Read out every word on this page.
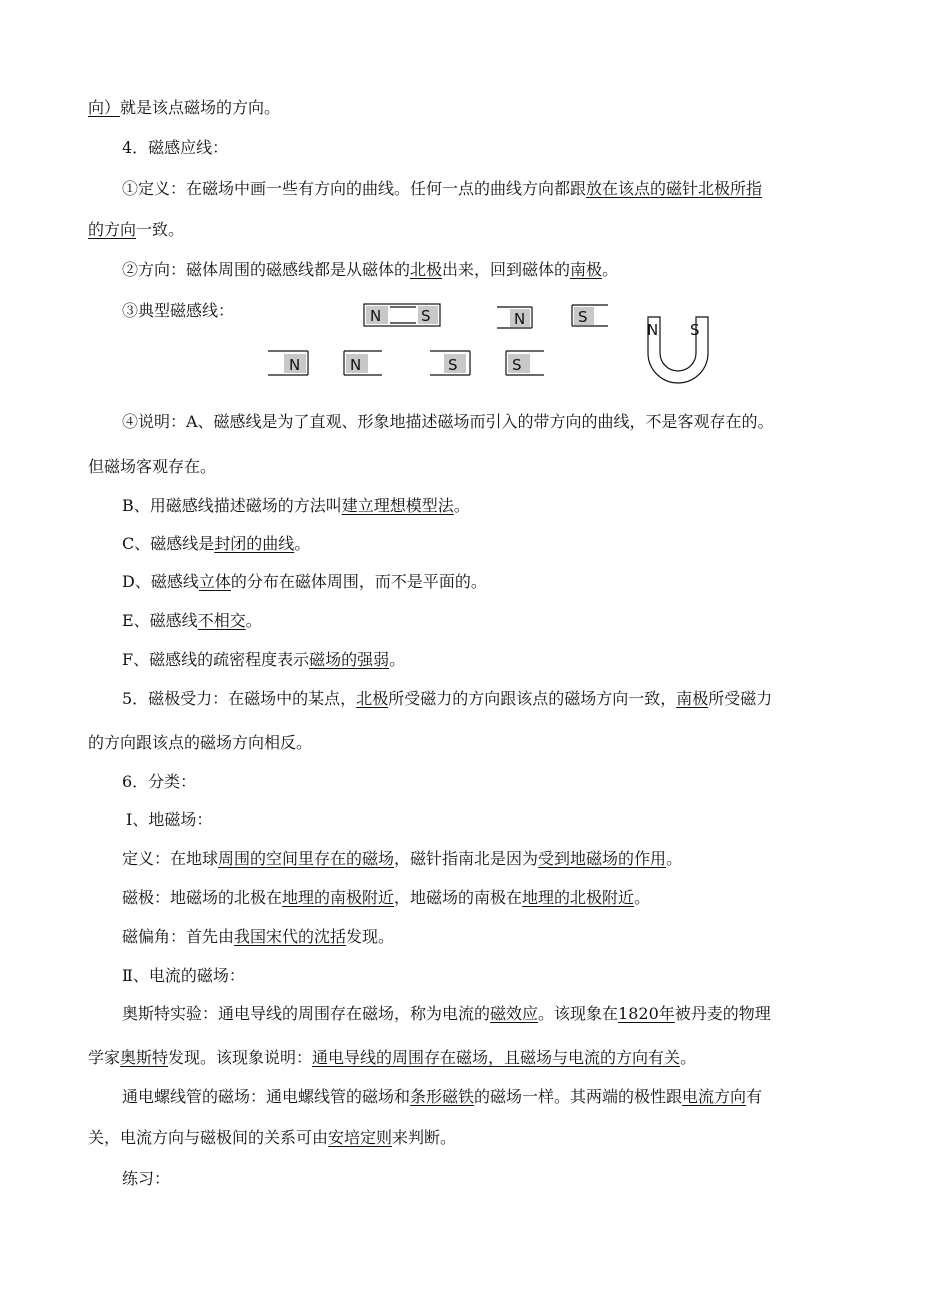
向）就是该点磁场的方向。
4．磁感应线：
①定义：在磁场中画一些有方向的曲线。任何一点的曲线方向都跟放在该点的磁针北极所指
的方向一致。
②方向：磁体周围的磁感线都是从磁体的北极出来，回到磁体的南极。
③典型磁感线：	N	S	N	S
N	N	S	S
N S
④说明：A、磁感线是为了直观、形象地描述磁场而引入的带方向的曲线，不是客观存在的。
但磁场客观存在。
B、用磁感线描述磁场的方法叫建立理想模型法。
C、磁感线是封闭的曲线。
D、磁感线立体的分布在磁体周围，而不是平面的。
E、磁感线不相交。
F、磁感线的疏密程度表示磁场的强弱。
5．磁极受力：在磁场中的某点，北极所受磁力的方向跟该点的磁场方向一致，南极所受磁力
的方向跟该点的磁场方向相反。
6．分类：
Ⅰ、地磁场：
定义：在地球周围的空间里存在的磁场，磁针指南北是因为受到地磁场的作用。
磁极：地磁场的北极在地理的南极附近，地磁场的南极在地理的北极附近。
磁偏角：首先由我国宋代的沈括发现。
Ⅱ、电流的磁场：
奥斯特实验：通电导线的周围存在磁场，称为电流的磁效应。该现象在1820年被丹麦的物理
学家奥斯特发现。该现象说明：通电导线的周围存在磁场，且磁场与电流的方向有关。
通电螺线管的磁场：通电螺线管的磁场和条形磁铁的磁场一样。其两端的极性跟电流方向有
关，电流方向与磁极间的关系可由安培定则来判断。
练习：
